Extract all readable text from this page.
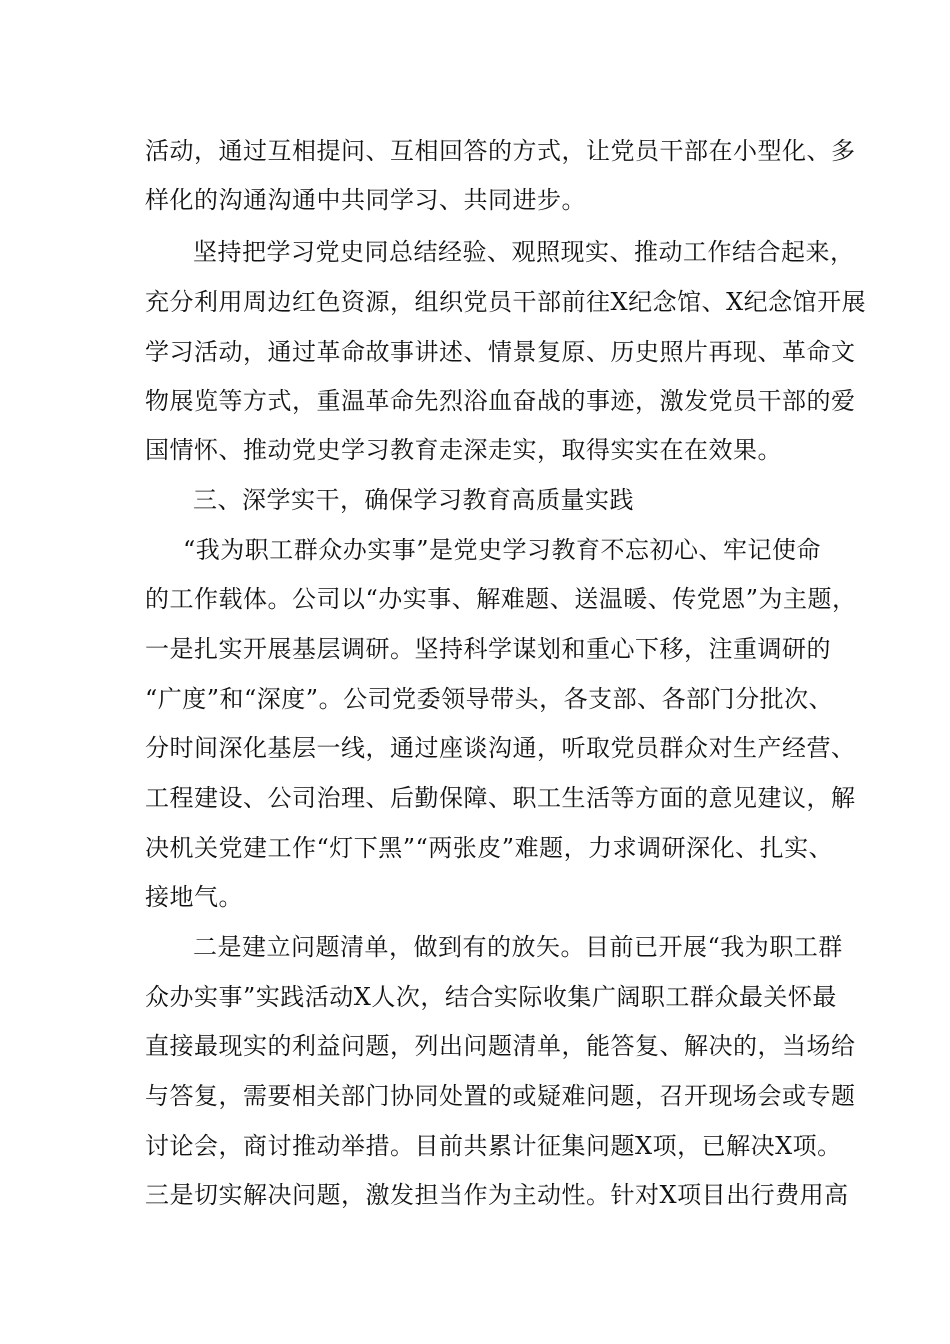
活动，通过互相提问、互相回答的方式，让党员干部在小型化、多
样化的沟通沟通中共同学习、共同进步。
坚持把学习党史同总结经验、观照现实、推动工作结合起来，
充分利用周边红色资源，组织党员干部前往X纪念馆、X纪念馆开展
学习活动，通过革命故事讲述、情景复原、历史照片再现、革命文
物展览等方式，重温革命先烈浴血奋战的事迹，激发党员干部的爱
国情怀、推动党史学习教育走深走实，取得实实在在效果。
三、深学实干，确保学习教育高质量实践
“我为职工群众办实事”是党史学习教育不忘初心、牢记使命
的工作载体。公司以“办实事、解难题、送温暖、传党恩”为主题，
一是扎实开展基层调研。坚持科学谋划和重心下移，注重调研的
“广度”和“深度”。公司党委领导带头，各支部、各部门分批次、
分时间深化基层一线，通过座谈沟通，听取党员群众对生产经营、
工程建设、公司治理、后勤保障、职工生活等方面的意见建议，解
决机关党建工作“灯下黑”“两张皮”难题，力求调研深化、扎实、
接地气。
二是建立问题清单，做到有的放矢。目前已开展“我为职工群
众办实事”实践活动X人次，结合实际收集广阔职工群众最关怀最
直接最现实的利益问题，列出问题清单，能答复、解决的，当场给
与答复，需要相关部门协同处置的或疑难问题，召开现场会或专题
讨论会，商讨推动举措。目前共累计征集问题X项，已解决X项。
三是切实解决问题，激发担当作为主动性。针对X项目出行费用高
